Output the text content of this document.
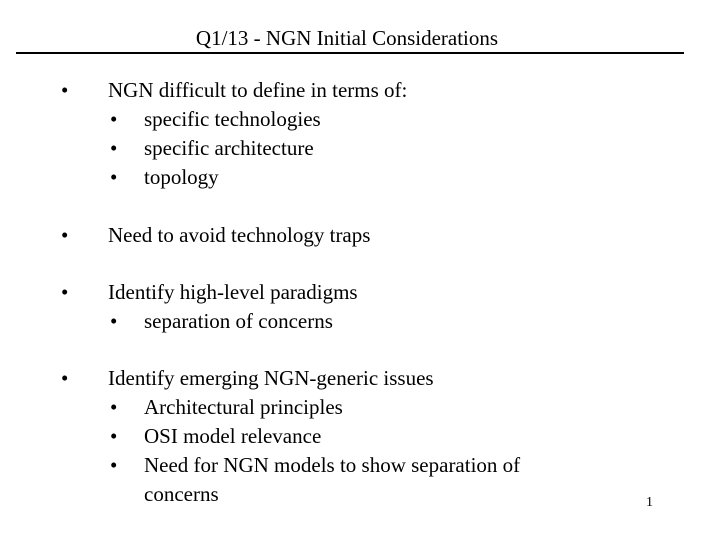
Q1/13 - NGN Initial Considerations
• NGN difficult to define in terms of:
• specific technologies
• specific architecture
• topology
• Need to avoid technology traps
• Identify high-level paradigms
• separation of concerns
• Identify emerging NGN-generic issues
• Architectural principles
• OSI model relevance
• Need for NGN models to show separation of concerns	1
